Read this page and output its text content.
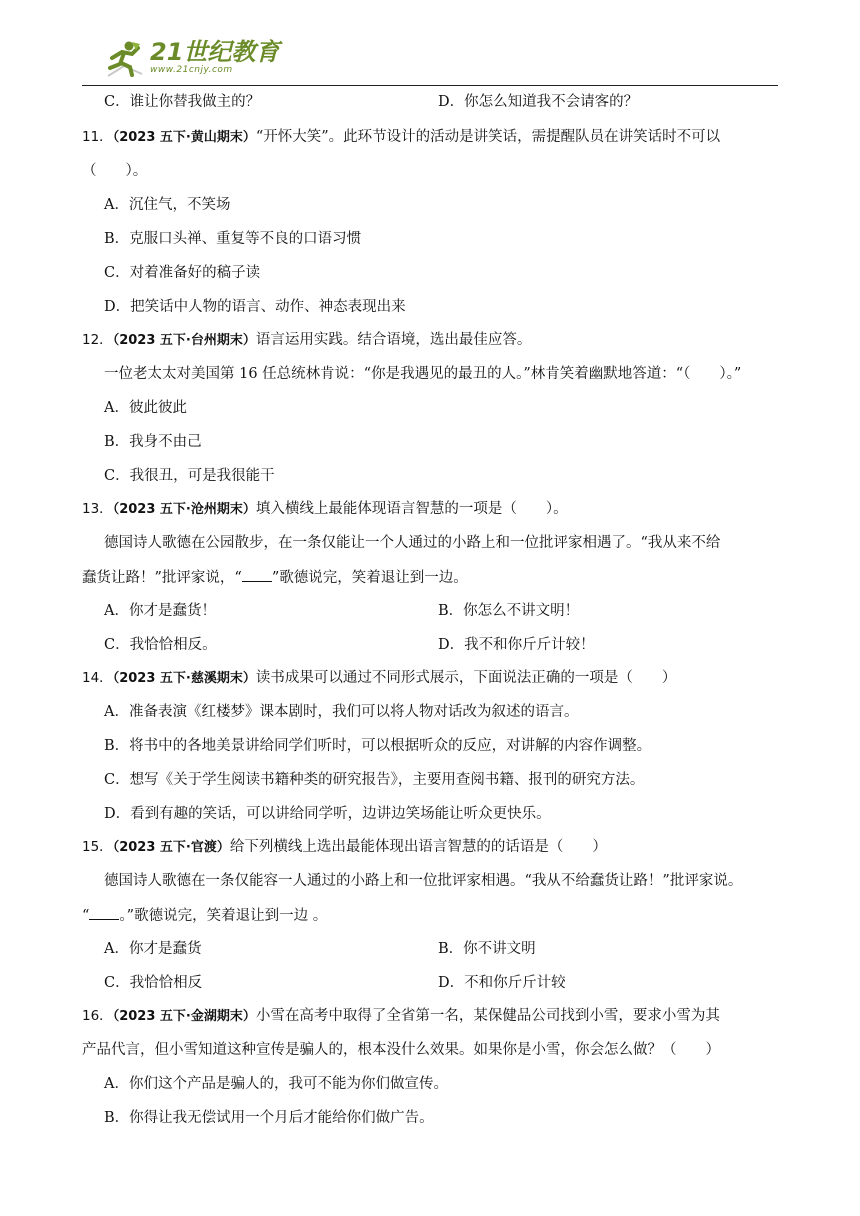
21世纪教育
www.21cnjy.com
C．谁让你替我做主的？	D．你怎么知道我不会请客的？
11．（2023 五下·黄山期末）“开怀大笑”。此环节设计的活动是讲笑话，需提醒队员在讲笑话时不可以
（　　）。
A．沉住气，不笑场
B．克服口头禅、重复等不良的口语习惯
C．对着准备好的稿子读
D．把笑话中人物的语言、动作、神态表现出来
12．（2023 五下·台州期末）语言运用实践。结合语境，选出最佳应答。
一位老太太对美国第 16 任总统林肯说：“你是我遇见的最丑的人。”林肯笑着幽默地答道：“（　　）。”
A．彼此彼此
B．我身不由己
C．我很丑，可是我很能干
13．（2023 五下·沧州期末）填入横线上最能体现语言智慧的一项是（　　）。
德国诗人歌德在公园散步，在一条仅能让一个人通过的小路上和一位批评家相遇了。“我从来不给
蠢货让路！”批评家说，“ ”歌德说完，笑着退让到一边。
A．你才是蠢货！	B．你怎么不讲文明！
C．我恰恰相反。	D．我不和你斤斤计较！
14．（2023 五下·慈溪期末）读书成果可以通过不同形式展示，下面说法正确的一项是（　　）
A．准备表演《红楼梦》课本剧时，我们可以将人物对话改为叙述的语言。
B．将书中的各地美景讲给同学们听时，可以根据听众的反应，对讲解的内容作调整。
C．想写《关于学生阅读书籍种类的研究报告》，主要用查阅书籍、报刊的研究方法。
D．看到有趣的笑话，可以讲给同学听，边讲边笑场能让听众更快乐。
15．（2023 五下·官渡）给下列横线上选出最能体现出语言智慧的的话语是（　　）
德国诗人歌德在一条仅能容一人通过的小路上和一位批评家相遇。“我从不给蠢货让路！”批评家说。
“ 。”歌德说完，笑着退让到一边 。
A．你才是蠢货	B．你不讲文明
C．我恰恰相反	D．不和你斤斤计较
16．（2023 五下·金湖期末）小雪在高考中取得了全省第一名，某保健品公司找到小雪，要求小雪为其
产品代言，但小雪知道这种宣传是骗人的，根本没什么效果。如果你是小雪，你会怎么做？（　　）
A．你们这个产品是骗人的，我可不能为你们做宣传。
B．你得让我无偿试用一个月后才能给你们做广告。
